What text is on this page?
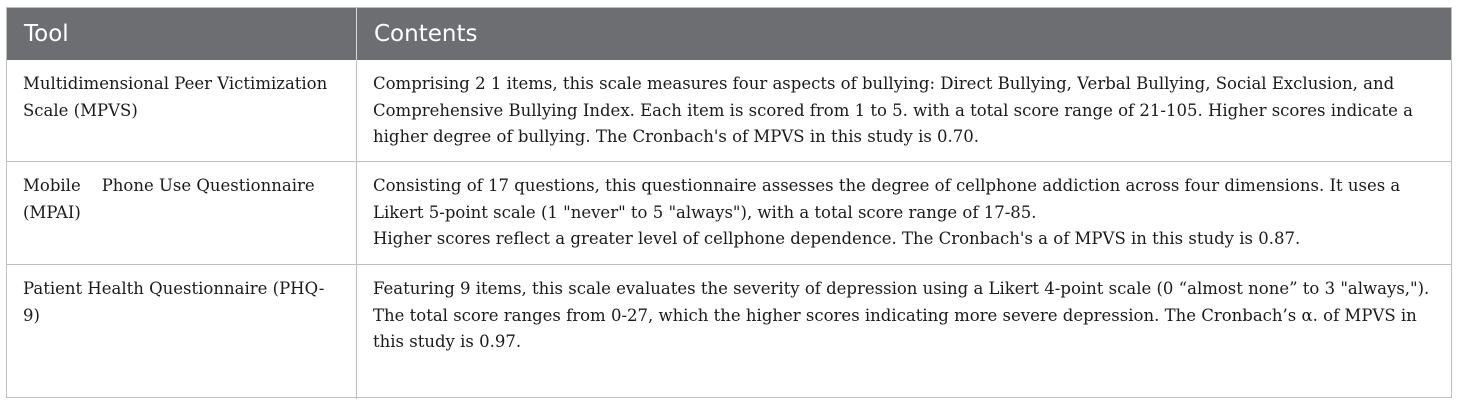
Tool	Contents
Multidimensional Peer Victimization Scale (MPVS)
Comprising 2 1 items, this scale measures four aspects of bullying: Direct Bullying, Verbal Bullying, Social Exclusion, and Comprehensive Bullying Index. Each item is scored from 1 to 5. with a total score range of 21-105. Higher scores indicate a higher degree of bullying. The Cronbach's of MPVS in this study is 0.70.
Mobile    Phone Use Questionnaire (MPAI)
Consisting of 17 questions, this questionnaire assesses the degree of cellphone addiction across four dimensions. It uses a Likert 5-point scale (1 "never" to 5 "always"), with a total score range of 17-85.
Higher scores reflect a greater level of cellphone dependence. The Cronbach's a of MPVS in this study is 0.87.
Patient Health Questionnaire (PHQ-9)
Featuring 9 items, this scale evaluates the severity of depression using a Likert 4-point scale (0 “almost none” to 3 "always,"). The total score ranges from 0-27, which the higher scores indicating more severe depression. The Cronbach’s α. of MPVS in this study is 0.97.
